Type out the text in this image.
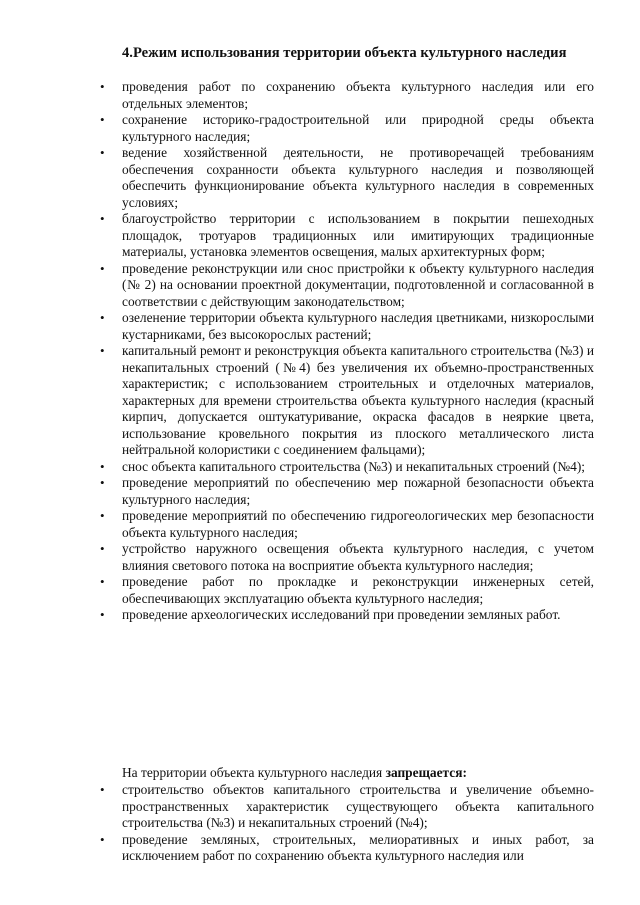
4.Режим использования территории объекта культурного наследия
• проведения работ по сохранению объекта культурного наследия или его отдельных элементов;
• сохранение историко-градостроительной или природной среды объекта культурного наследия;
• ведение хозяйственной деятельности, не противоречащей требованиям обеспечения сохранности объекта культурного наследия и позволяющей обеспечить функционирование объекта культурного наследия в современных условиях;
• благоустройство территории с использованием в покрытии пешеходных площадок, тротуаров традиционных или имитирующих традиционные материалы, установка элементов освещения, малых архитектурных форм;
• проведение реконструкции или снос пристройки к объекту культурного наследия (№ 2) на основании проектной документации, подготовленной и согласованной в соответствии с действующим законодательством;
• озеленение территории объекта культурного наследия цветниками, низкорослыми кустарниками, без высокорослых растений;
• капитальный ремонт и реконструкция объекта капитального строительства (№3) и некапитальных строений (№4) без увеличения их объемно-пространственных характеристик; с использованием строительных и отделочных материалов, характерных для времени строительства объекта культурного наследия (красный кирпич, допускается оштукатуривание, окраска фасадов в неяркие цвета, использование кровельного покрытия из плоского металлического листа нейтральной колористики с соединением фальцами);
• снос объекта капитального строительства (№3) и некапитальных строений (№4);
• проведение мероприятий по обеспечению мер пожарной безопасности объекта культурного наследия;
• проведение мероприятий по обеспечению гидрогеологических мер безопасности объекта культурного наследия;
• устройство наружного освещения объекта культурного наследия, с учетом влияния светового потока на восприятие объекта культурного наследия;
• проведение работ по прокладке и реконструкции инженерных сетей, обеспечивающих эксплуатацию объекта культурного наследия;
• проведение археологических исследований при проведении земляных работ.
На территории объекта культурного наследия запрещается:
• строительство объектов капитального строительства и увеличение объемно-пространственных характеристик существующего объекта капитального строительства (№3) и некапитальных строений (№4);
• проведение земляных, строительных, мелиоративных и иных работ, за исключением работ по сохранению объекта культурного наследия или
